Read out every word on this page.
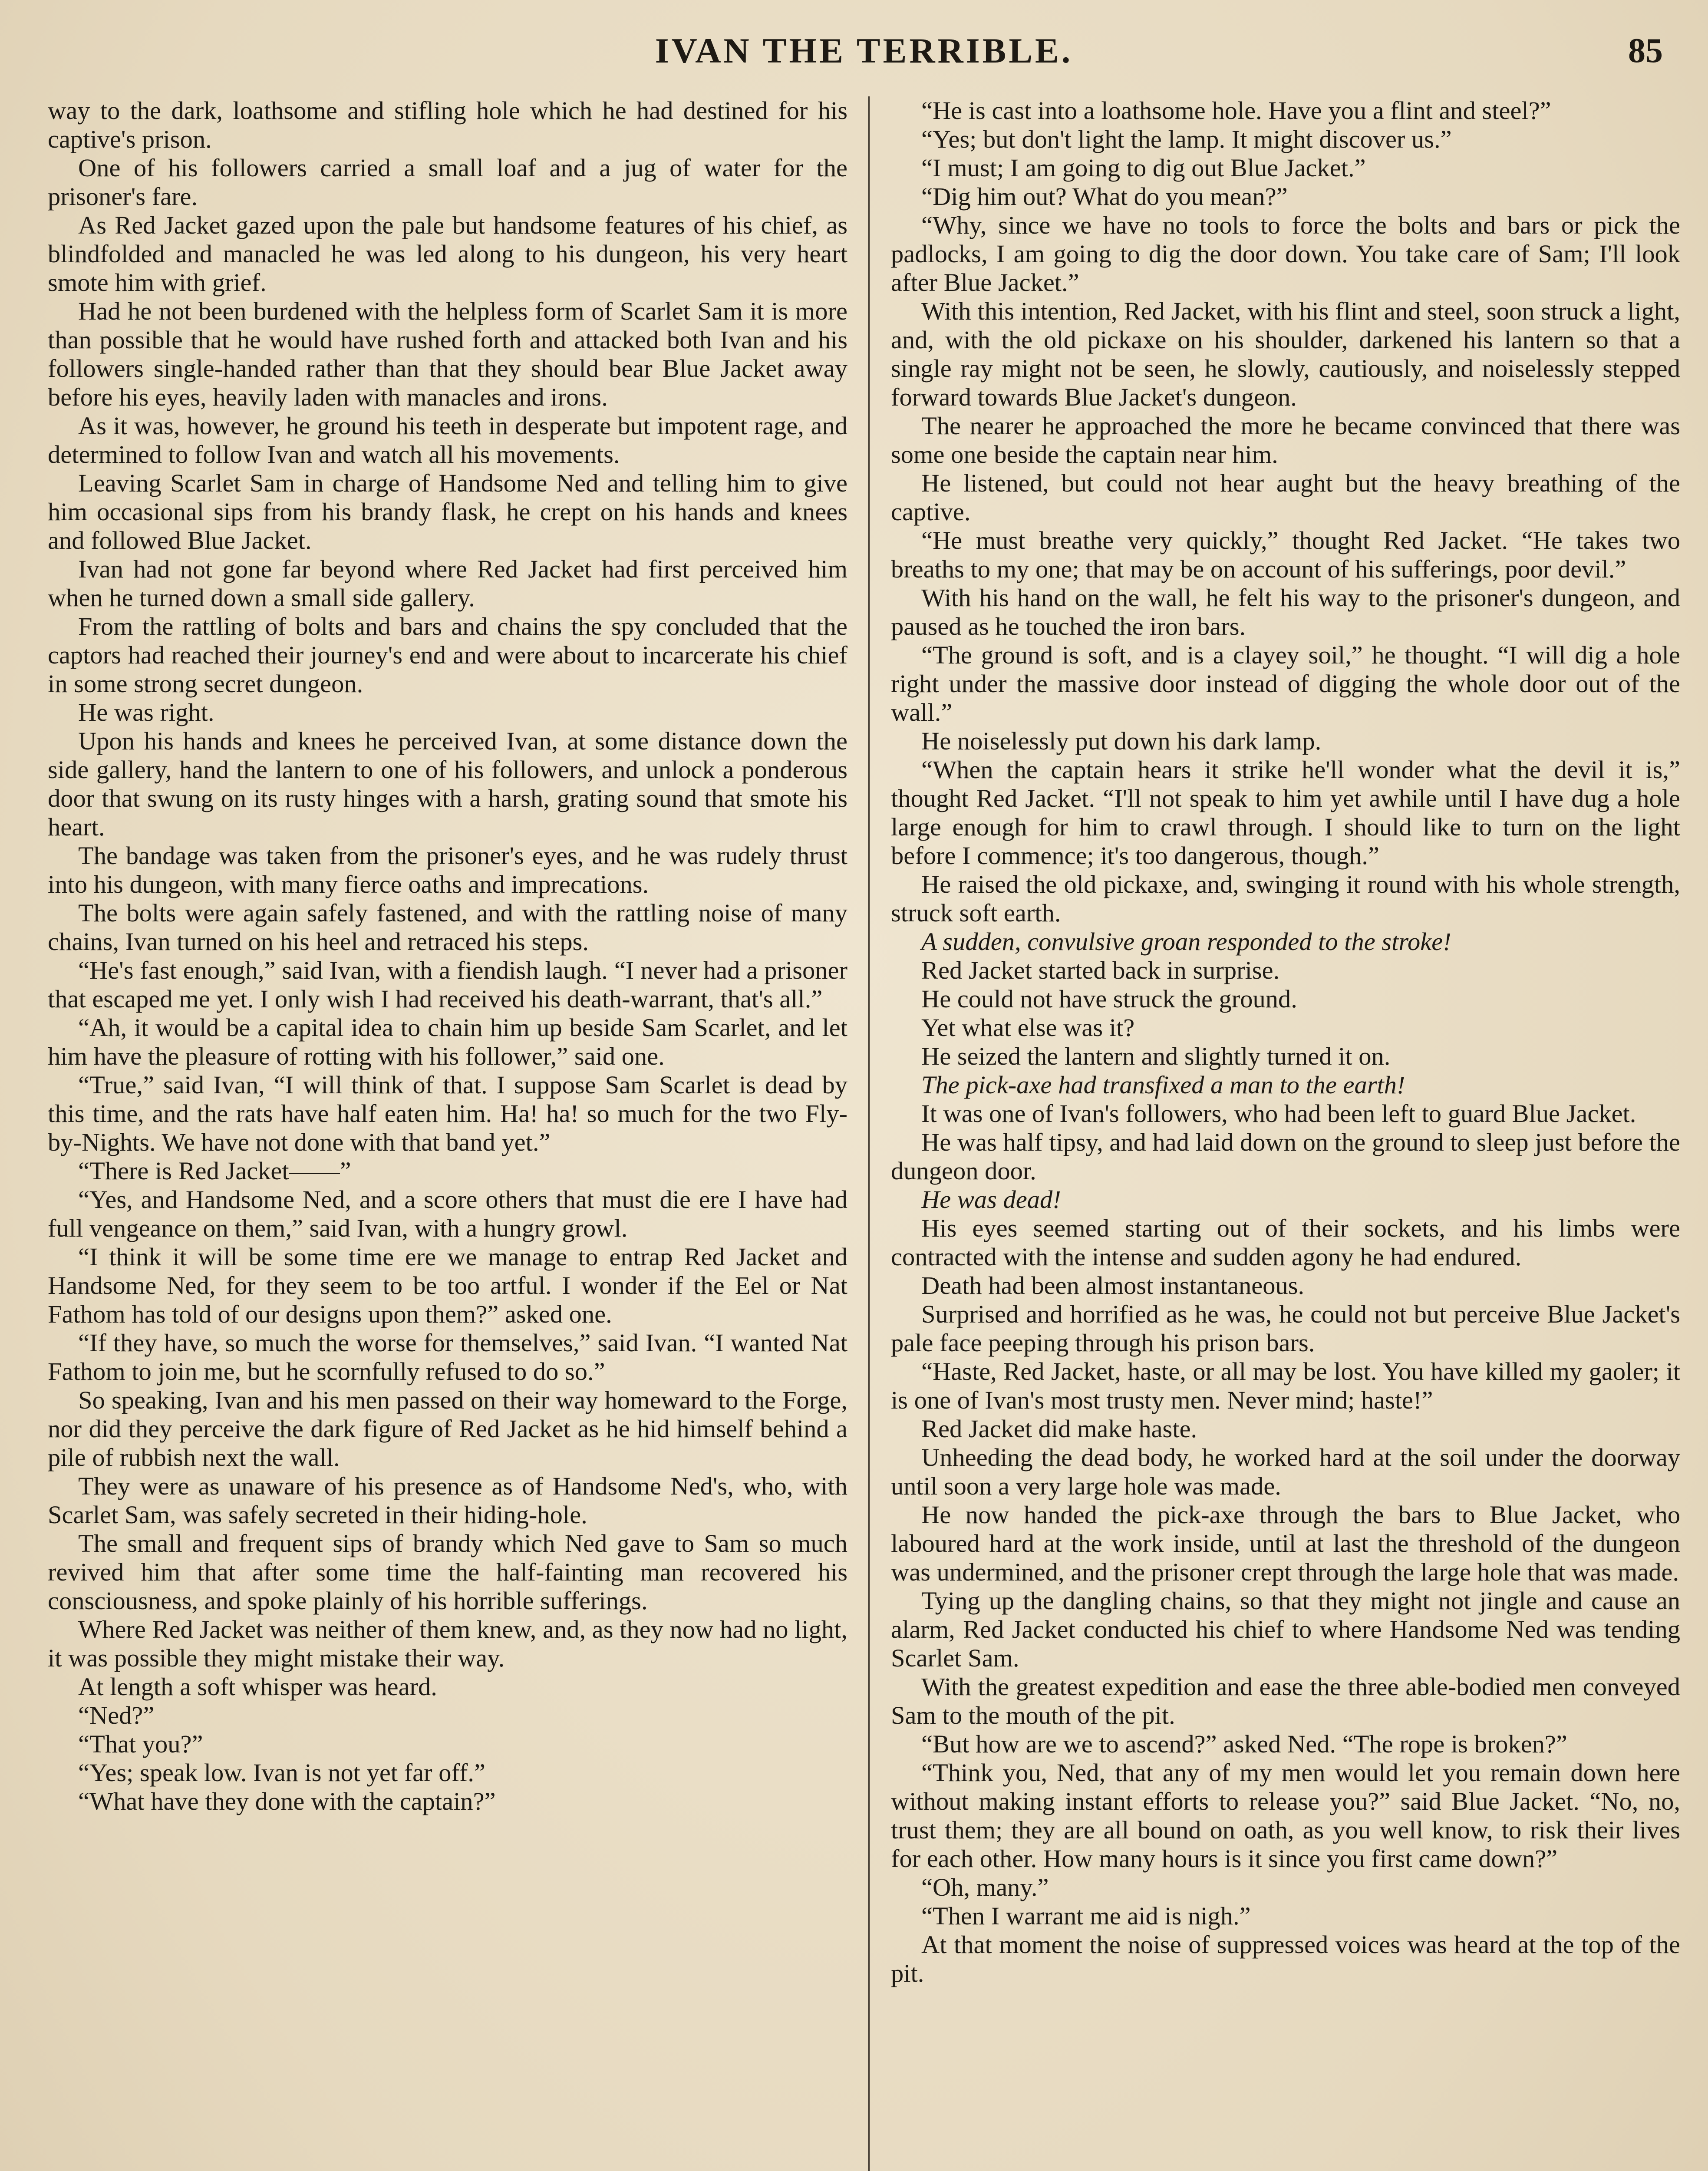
IVAN THE TERRIBLE.	85

way to the dark, loathsome and stifling hole which he had destined for his captive's prison.

One of his followers carried a small loaf and a jug of water for the prisoner's fare.

As Red Jacket gazed upon the pale but handsome features of his chief, as blindfolded and manacled he was led along to his dungeon, his very heart smote him with grief.

Had he not been burdened with the helpless form of Scarlet Sam it is more than possible that he would have rushed forth and attacked both Ivan and his followers single-handed rather than that they should bear Blue Jacket away before his eyes, heavily laden with manacles and irons.

As it was, however, he ground his teeth in desperate but impotent rage, and determined to follow Ivan and watch all his movements.

Leaving Scarlet Sam in charge of Handsome Ned and telling him to give him occasional sips from his brandy flask, he crept on his hands and knees and followed Blue Jacket.

Ivan had not gone far beyond where Red Jacket had first perceived him when he turned down a small side gallery.

From the rattling of bolts and bars and chains the spy concluded that the captors had reached their journey's end and were about to incarcerate his chief in some strong secret dungeon.

He was right.

Upon his hands and knees he perceived Ivan, at some distance down the side gallery, hand the lantern to one of his followers, and unlock a ponderous door that swung on its rusty hinges with a harsh, grating sound that smote his heart.

The bandage was taken from the prisoner's eyes, and he was rudely thrust into his dungeon, with many fierce oaths and imprecations.

The bolts were again safely fastened, and with the rattling noise of many chains, Ivan turned on his heel and retraced his steps.

“He's fast enough,” said Ivan, with a fiendish laugh. “I never had a prisoner that escaped me yet. I only wish I had received his death-warrant, that's all.”

“Ah, it would be a capital idea to chain him up beside Sam Scarlet, and let him have the pleasure of rotting with his follower,” said one.

“True,” said Ivan, “I will think of that. I suppose Sam Scarlet is dead by this time, and the rats have half eaten him. Ha! ha! so much for the two Fly-by-Nights. We have not done with that band yet.”

“There is Red Jacket——”

“Yes, and Handsome Ned, and a score others that must die ere I have had full vengeance on them,” said Ivan, with a hungry growl.

“I think it will be some time ere we manage to entrap Red Jacket and Handsome Ned, for they seem to be too artful. I wonder if the Eel or Nat Fathom has told of our designs upon them?” asked one.

“If they have, so much the worse for themselves,” said Ivan. “I wanted Nat Fathom to join me, but he scornfully refused to do so.”

So speaking, Ivan and his men passed on their way homeward to the Forge, nor did they perceive the dark figure of Red Jacket as he hid himself behind a pile of rubbish next the wall.

They were as unaware of his presence as of Handsome Ned's, who, with Scarlet Sam, was safely secreted in their hiding-hole.

The small and frequent sips of brandy which Ned gave to Sam so much revived him that after some time the half-fainting man recovered his consciousness, and spoke plainly of his horrible sufferings.

Where Red Jacket was neither of them knew, and, as they now had no light, it was possible they might mistake their way.

At length a soft whisper was heard.

“Ned?”

“That you?”

“Yes; speak low. Ivan is not yet far off.”

“What have they done with the captain?”

“He is cast into a loathsome hole. Have you a flint and steel?”

“Yes; but don't light the lamp. It might discover us.”

“I must; I am going to dig out Blue Jacket.”

“Dig him out? What do you mean?”

“Why, since we have no tools to force the bolts and bars or pick the padlocks, I am going to dig the door down. You take care of Sam; I'll look after Blue Jacket.”

With this intention, Red Jacket, with his flint and steel, soon struck a light, and, with the old pickaxe on his shoulder, darkened his lantern so that a single ray might not be seen, he slowly, cautiously, and noiselessly stepped forward towards Blue Jacket's dungeon.

The nearer he approached the more he became convinced that there was some one beside the captain near him.

He listened, but could not hear aught but the heavy breathing of the captive.

“He must breathe very quickly,” thought Red Jacket. “He takes two breaths to my one; that may be on account of his sufferings, poor devil.”

With his hand on the wall, he felt his way to the prisoner's dungeon, and paused as he touched the iron bars.

“The ground is soft, and is a clayey soil,” he thought. “I will dig a hole right under the massive door instead of digging the whole door out of the wall.”

He noiselessly put down his dark lamp.

“When the captain hears it strike he'll wonder what the devil it is,” thought Red Jacket. “I'll not speak to him yet awhile until I have dug a hole large enough for him to crawl through. I should like to turn on the light before I commence; it's too dangerous, though.”

He raised the old pickaxe, and, swinging it round with his whole strength, struck soft earth.

A sudden, convulsive groan responded to the stroke!

Red Jacket started back in surprise.

He could not have struck the ground.

Yet what else was it?

He seized the lantern and slightly turned it on.

The pick-axe had transfixed a man to the earth!

It was one of Ivan's followers, who had been left to guard Blue Jacket.

He was half tipsy, and had laid down on the ground to sleep just before the dungeon door.

He was dead!

His eyes seemed starting out of their sockets, and his limbs were contracted with the intense and sudden agony he had endured.

Death had been almost instantaneous.

Surprised and horrified as he was, he could not but perceive Blue Jacket's pale face peeping through his prison bars.

“Haste, Red Jacket, haste, or all may be lost. You have killed my gaoler; it is one of Ivan's most trusty men. Never mind; haste!”

Red Jacket did make haste.

Unheeding the dead body, he worked hard at the soil under the doorway until soon a very large hole was made.

He now handed the pick-axe through the bars to Blue Jacket, who laboured hard at the work inside, until at last the threshold of the dungeon was undermined, and the prisoner crept through the large hole that was made.

Tying up the dangling chains, so that they might not jingle and cause an alarm, Red Jacket conducted his chief to where Handsome Ned was tending Scarlet Sam.

With the greatest expedition and ease the three able-bodied men conveyed Sam to the mouth of the pit.

“But how are we to ascend?” asked Ned. “The rope is broken?”

“Think you, Ned, that any of my men would let you remain down here without making instant efforts to release you?” said Blue Jacket. “No, no, trust them; they are all bound on oath, as you well know, to risk their lives for each other. How many hours is it since you first came down?”

“Oh, many.”

“Then I warrant me aid is nigh.”

At that moment the noise of suppressed voices was heard at the top of the pit.
